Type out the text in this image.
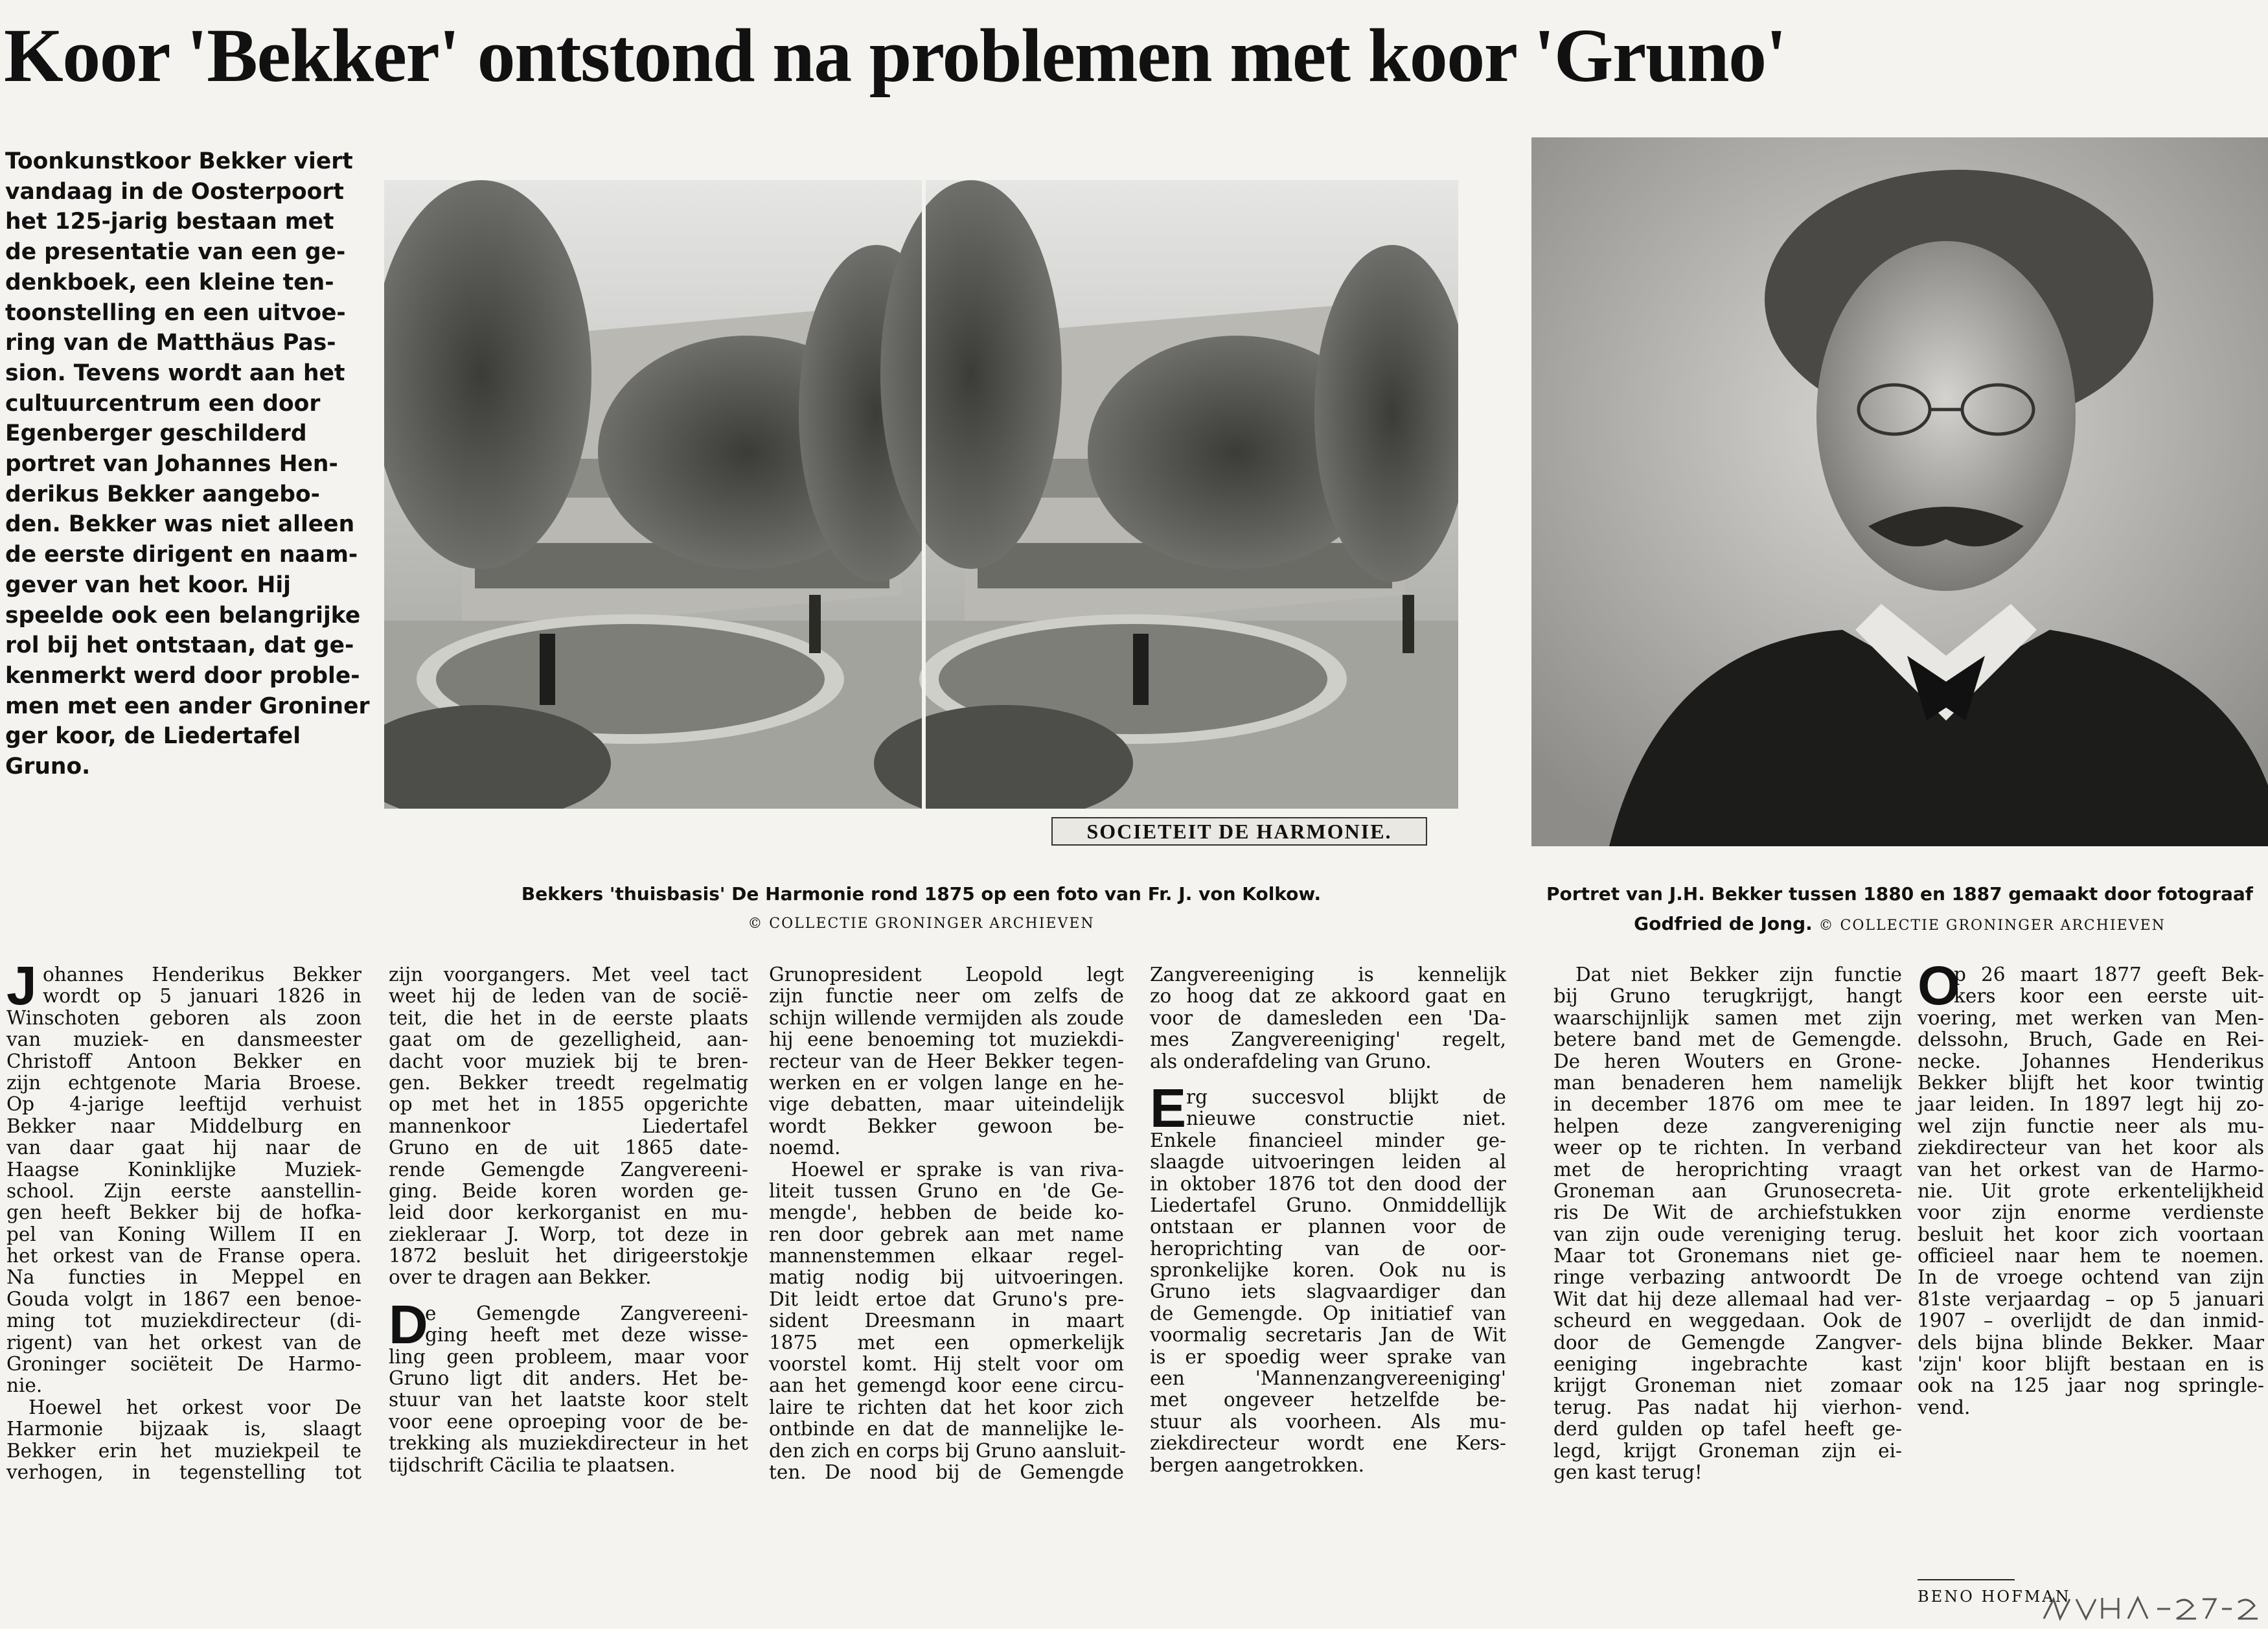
Koor 'Bekker' ontstond na problemen met koor 'Gruno'

Toonkunstkoor Bekker viert

vandaag in de Oosterpoort

het 125-jarig bestaan met

de presentatie van een ge-

denkboek, een kleine ten-

toonstelling en een uitvoe-

ring van de Matthäus Pas-

sion. Tevens wordt aan het

cultuurcentrum een door

Egenberger geschilderd

portret van Johannes Hen-

derikus Bekker aangebo-

den. Bekker was niet alleen

de eerste dirigent en naam-

gever van het koor. Hij

speelde ook een belangrijke

rol bij het ontstaan, dat ge-

kenmerkt werd door proble-

men met een ander Groniner

ger koor, de Liedertafel

Gruno.

SOCIETEIT DE HARMONIE.
Bekkers 'thuisbasis' De Harmonie rond 1875 op een foto van Fr. J. von Kolkow.
© COLLECTIE GRONINGER ARCHIEVEN
Portret van J.H. Bekker tussen 1880 en 1887 gemaakt door fotograaf
Godfried de Jong. © COLLECTIE GRONINGER ARCHIEVEN
J ohannes Henderikus Bekker

wordt op 5 januari 1826 in

Winschoten geboren als zoon

van muziek- en dansmeester

Christoff Antoon Bekker en

zijn echtgenote Maria Broese.

Op 4-jarige leeftijd verhuist

Bekker naar Middelburg en

van daar gaat hij naar de

Haagse Koninklijke Muziek-

school. Zijn eerste aanstellin-

gen heeft Bekker bij de hofka-

pel van Koning Willem II en

het orkest van de Franse opera.

Na functies in Meppel en

Gouda volgt in 1867 een benoe-

ming tot muziekdirecteur (di-

rigent) van het orkest van de

Groninger sociëteit De Harmo-

nie.

Hoewel het orkest voor De

Harmonie bijzaak is, slaagt

Bekker erin het muziekpeil te

verhogen, in tegenstelling tot

zijn voorgangers. Met veel tact

weet hij de leden van de socië-

teit, die het in de eerste plaats

gaat om de gezelligheid, aan-

dacht voor muziek bij te bren-

gen. Bekker treedt regelmatig

op met het in 1855 opgerichte

mannenkoor Liedertafel

Gruno en de uit 1865 date-

rende Gemengde Zangvereeni-

ging. Beide koren worden ge-

leid door kerkorganist en mu-

ziekleraar J. Worp, tot deze in

1872 besluit het dirigeerstokje

over te dragen aan Bekker.

D

e Gemengde Zangvereeni-

ging heeft met deze wisse-

ling geen probleem, maar voor

Gruno ligt dit anders. Het be-

stuur van het laatste koor stelt

voor eene oproeping voor de be-

trekking als muziekdirecteur in het

tijdschrift Cäcilia te plaatsen.

Grunopresident Leopold legt

zijn functie neer om zelfs de

schijn willende vermijden als zoude

hij eene benoeming tot muziekdi-

recteur van de Heer Bekker tegen-

werken en er volgen lange en he-

vige debatten, maar uiteindelijk

wordt Bekker gewoon be-

noemd.

Hoewel er sprake is van riva-

liteit tussen Gruno en 'de Ge-

mengde', hebben de beide ko-

ren door gebrek aan met name

mannenstemmen elkaar regel-

matig nodig bij uitvoeringen.

Dit leidt ertoe dat Gruno's pre-

sident Dreesmann in maart

1875 met een opmerkelijk

voorstel komt. Hij stelt voor om

aan het gemengd koor eene circu-

laire te richten dat het koor zich

ontbinde en dat de mannelijke le-

den zich en corps bij Gruno aansluit-

ten. De nood bij de Gemengde

Zangvereeniging is kennelijk

zo hoog dat ze akkoord gaat en

voor de damesleden een 'Da-

mes Zangvereeniging' regelt,

als onderafdeling van Gruno.

E rg succesvol blijkt de

nieuwe constructie niet.

Enkele financieel minder ge-

slaagde uitvoeringen leiden al

in oktober 1876 tot den dood der

Liedertafel Gruno. Onmiddellijk

ontstaan er plannen voor de

heroprichting van de oor-

spronkelijke koren. Ook nu is

Gruno iets slagvaardiger dan

de Gemengde. Op initiatief van

voormalig secretaris Jan de Wit

is er spoedig weer sprake van

een 'Mannenzangvereeniging'

met ongeveer hetzelfde be-

stuur als voorheen. Als mu-

ziekdirecteur wordt ene Kers-

bergen aangetrokken.

Dat niet Bekker zijn functie

bij Gruno terugkrijgt, hangt

waarschijnlijk samen met zijn

betere band met de Gemengde.

De heren Wouters en Grone-

man benaderen hem namelijk

in december 1876 om mee te

helpen deze zangvereniging

weer op te richten. In verband

met de heroprichting vraagt

Groneman aan Grunosecreta-

ris De Wit de archiefstukken

van zijn oude vereniging terug.

Maar tot Gronemans niet ge-

ringe verbazing antwoordt De

Wit dat hij deze allemaal had ver-

scheurd en weggedaan. Ook de

door de Gemengde Zangver-

eeniging ingebrachte kast

krijgt Groneman niet zomaar

terug. Pas nadat hij vierhon-

derd gulden op tafel heeft ge-

legd, krijgt Groneman zijn ei-

gen kast terug!

O

p 26 maart 1877 geeft Bek-

kers koor een eerste uit-

voering, met werken van Men-

delssohn, Bruch, Gade en Rei-

necke. Johannes Henderikus

Bekker blijft het koor twintig

jaar leiden. In 1897 legt hij zo-

wel zijn functie neer als mu-

ziekdirecteur van het koor als

van het orkest van de Harmo-

nie. Uit grote erkentelijkheid

voor zijn enorme verdienste

besluit het koor zich voortaan

officieel naar hem te noemen.

In de vroege ochtend van zijn

81ste verjaardag – op 5 januari

1907 – overlijdt de dan inmid-

dels bijna blinde Bekker. Maar

'zijn' koor blijft bestaan en is

ook na 125 jaar nog springle-

vend.

BENO HOFMAN
